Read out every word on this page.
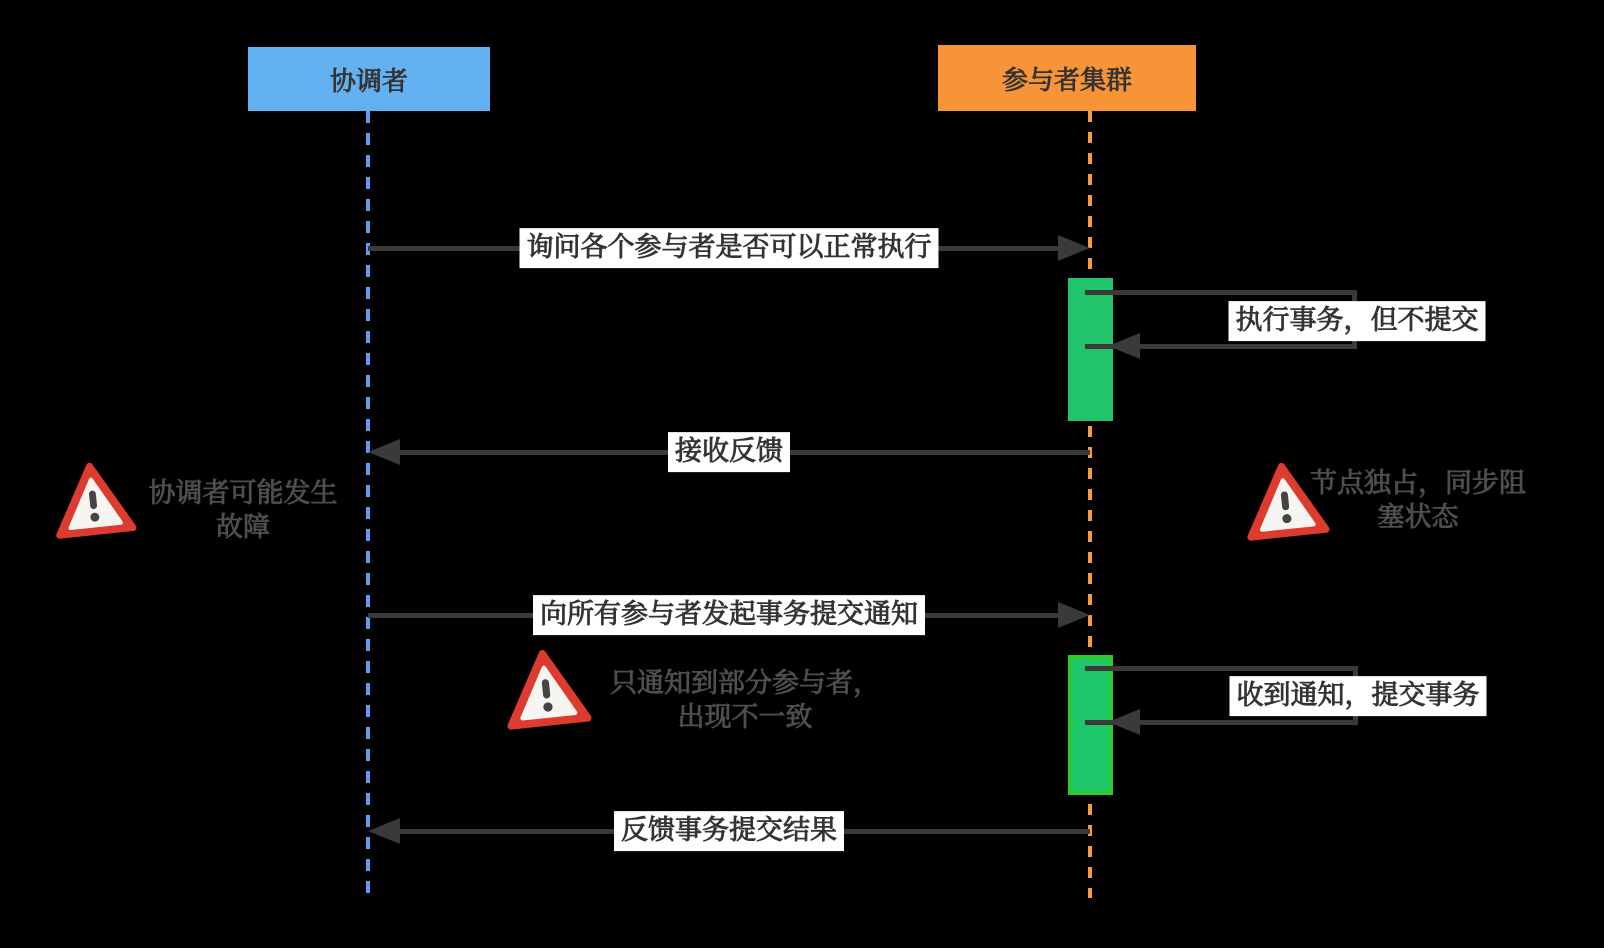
协调者	参与者集群
询问各个参与者是否可以正常执行
执行事务，但不提交
接收反馈
向所有参与者发起事务提交通知
收到通知，提交事务
反馈事务提交结果
协调者可能发生
故障
节点独占，同步阻
塞状态
只通知到部分参与者，
出现不一致
